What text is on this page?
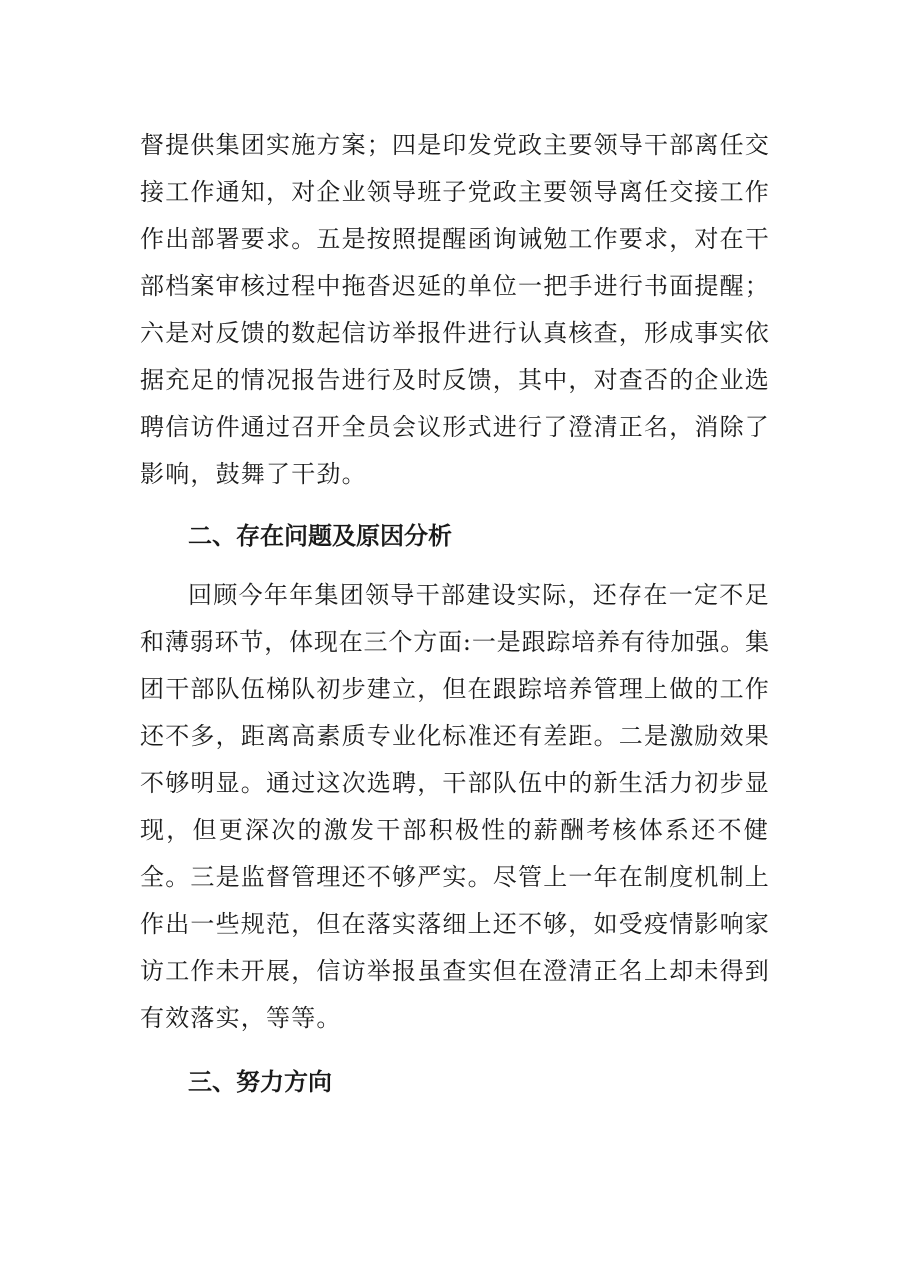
督提供集团实施方案；四是印发党政主要领导干部离任交
接工作通知，对企业领导班子党政主要领导离任交接工作
作出部署要求。五是按照提醒函询诫勉工作要求，对在干
部档案审核过程中拖沓迟延的单位一把手进行书面提醒；
六是对反馈的数起信访举报件进行认真核查，形成事实依
据充足的情况报告进行及时反馈，其中，对查否的企业选
聘信访件通过召开全员会议形式进行了澄清正名，消除了
影响，鼓舞了干劲。
二、存在问题及原因分析
回顾今年年集团领导干部建设实际，还存在一定不足
和薄弱环节，体现在三个方面:一是跟踪培养有待加强。集
团干部队伍梯队初步建立，但在跟踪培养管理上做的工作
还不多，距离高素质专业化标准还有差距。二是激励效果
不够明显。通过这次选聘，干部队伍中的新生活力初步显
现，但更深次的激发干部积极性的薪酬考核体系还不健
全。三是监督管理还不够严实。尽管上一年在制度机制上
作出一些规范，但在落实落细上还不够，如受疫情影响家
访工作未开展，信访举报虽查实但在澄清正名上却未得到
有效落实，等等。
三、努力方向
